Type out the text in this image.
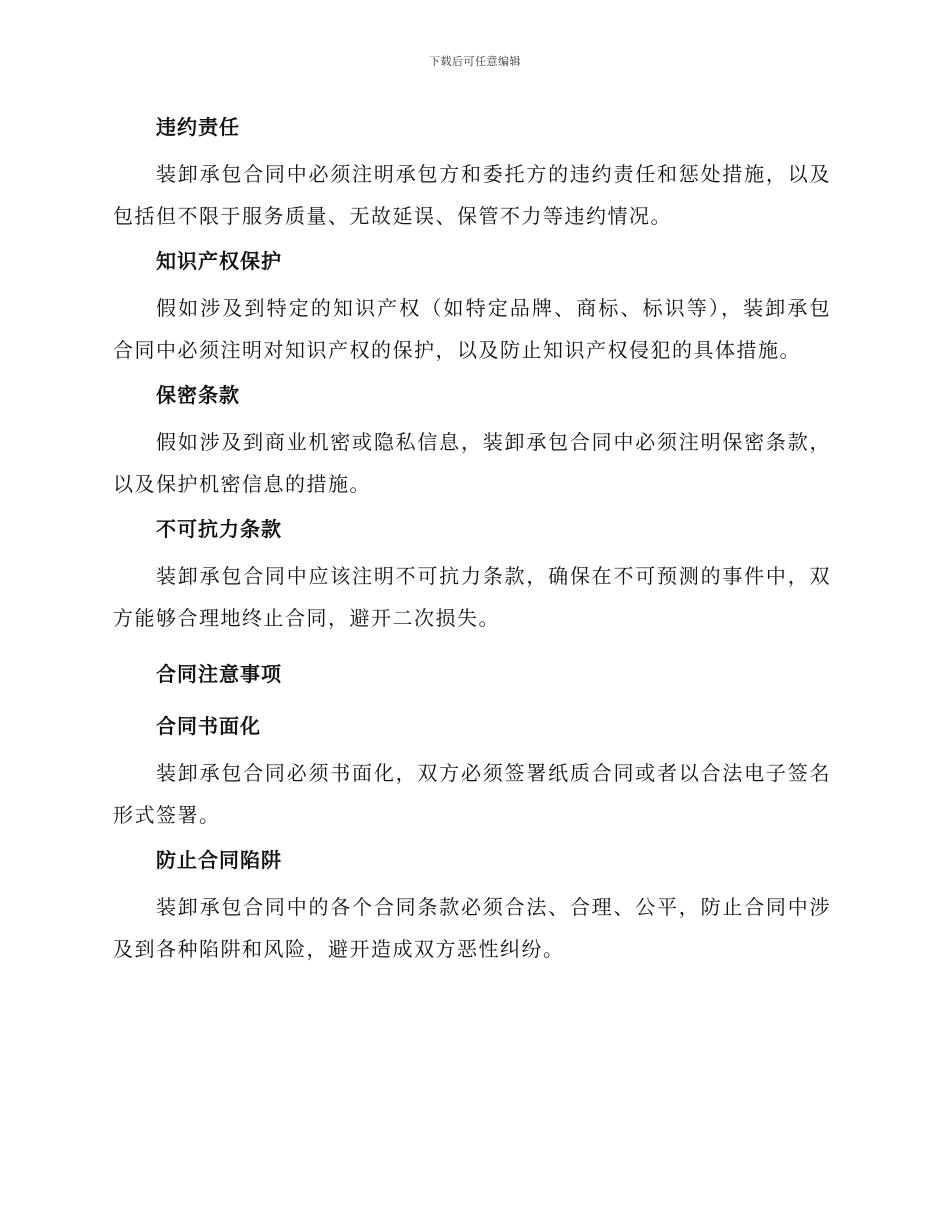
下载后可任意编辑
违约责任

装卸承包合同中必须注明承包方和委托方的违约责任和惩处措施，以及包括但不限于服务质量、无故延误、保管不力等违约情况。

知识产权保护

假如涉及到特定的知识产权（如特定品牌、商标、标识等），装卸承包合同中必须注明对知识产权的保护，以及防止知识产权侵犯的具体措施。

保密条款

假如涉及到商业机密或隐私信息，装卸承包合同中必须注明保密条款，以及保护机密信息的措施。

不可抗力条款

装卸承包合同中应该注明不可抗力条款，确保在不可预测的事件中，双方能够合理地终止合同，避开二次损失。

合同注意事项
合同书面化

装卸承包合同必须书面化，双方必须签署纸质合同或者以合法电子签名形式签署。

防止合同陷阱

装卸承包合同中的各个合同条款必须合法、合理、公平，防止合同中涉及到各种陷阱和风险，避开造成双方恶性纠纷。
